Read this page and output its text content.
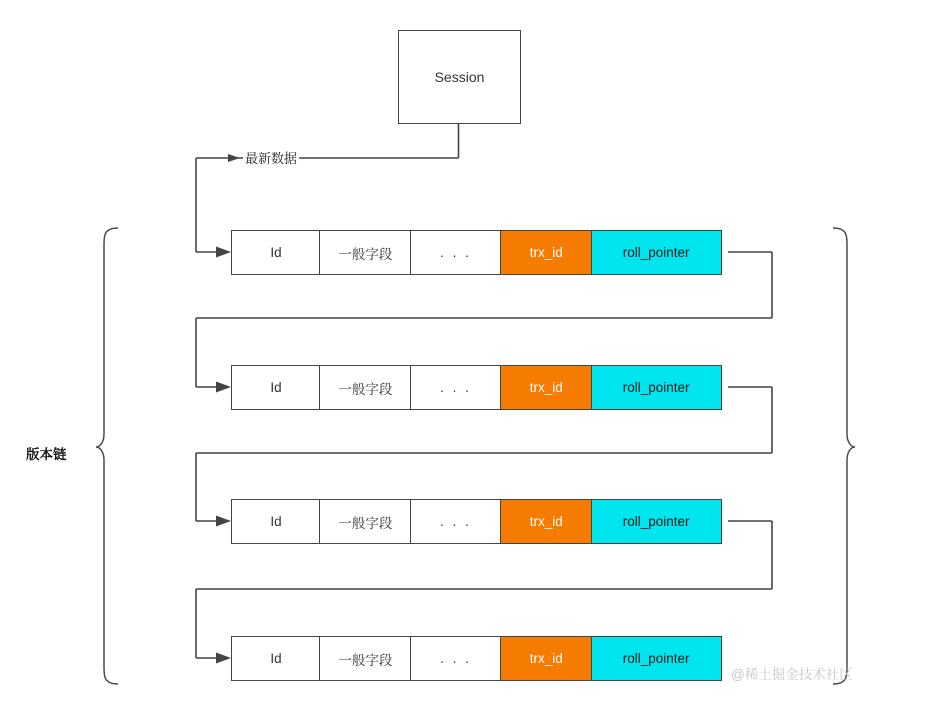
Session
最新数据
版本链
Id	一般字段	. . .	trx_id	roll_pointer
Id	一般字段	. . .	trx_id	roll_pointer
Id	一般字段	. . .	trx_id	roll_pointer
Id	一般字段	. . .	trx_id	roll_pointer
@稀土掘金技术社区
